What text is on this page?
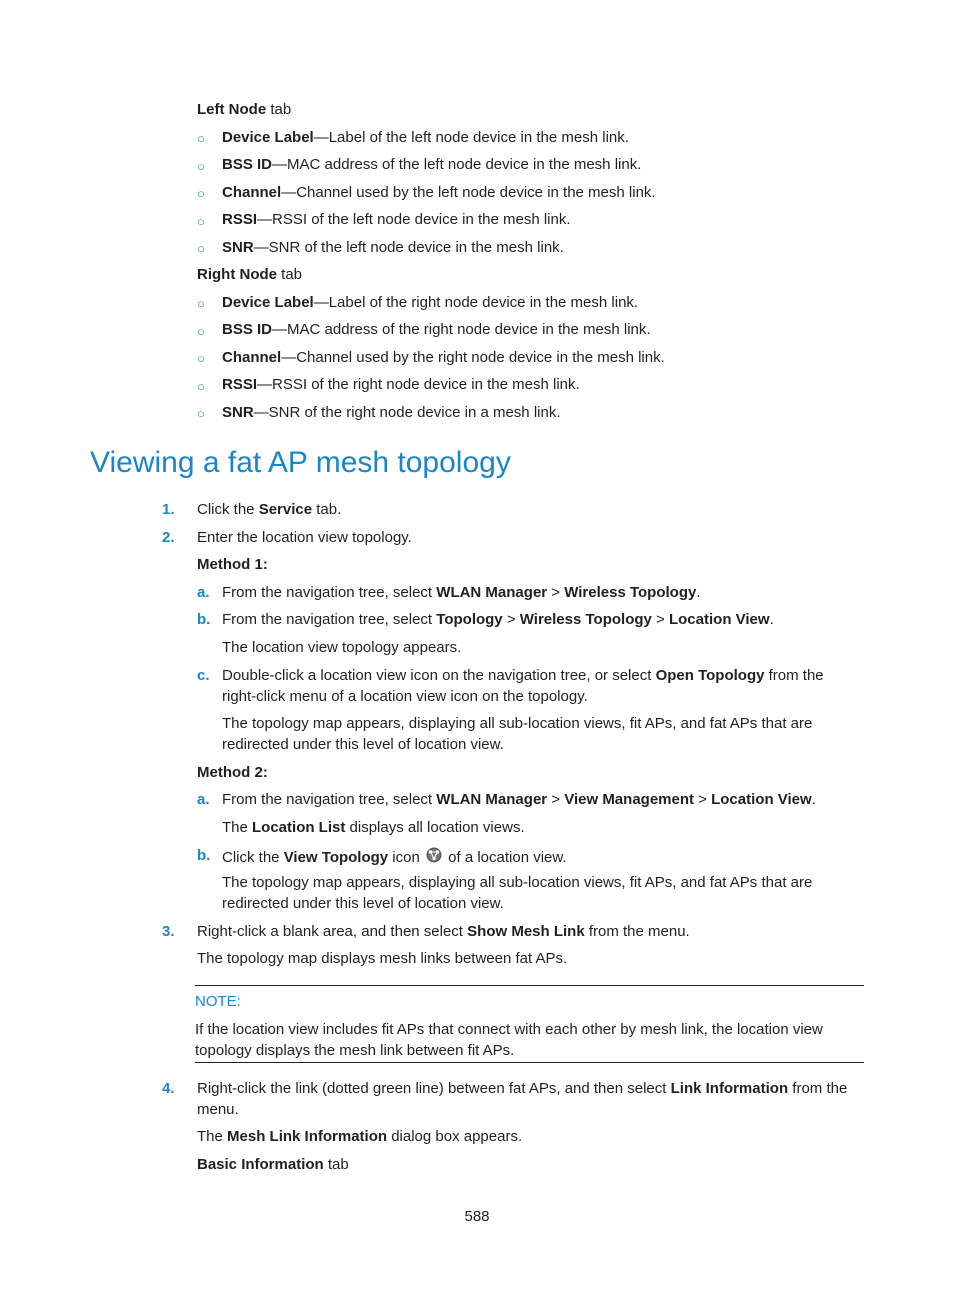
Left Node tab
○ Device Label—Label of the left node device in the mesh link.
○ BSS ID—MAC address of the left node device in the mesh link.
○ Channel—Channel used by the left node device in the mesh link.
○ RSSI—RSSI of the left node device in the mesh link.
○ SNR—SNR of the left node device in the mesh link.
Right Node tab
○ Device Label—Label of the right node device in the mesh link.
○ BSS ID—MAC address of the right node device in the mesh link.
○ Channel—Channel used by the right node device in the mesh link.
○ RSSI—RSSI of the right node device in the mesh link.
○ SNR—SNR of the right node device in a mesh link.
Viewing a fat AP mesh topology
1. Click the Service tab.
2. Enter the location view topology.
Method 1:
a. From the navigation tree, select WLAN Manager > Wireless Topology.
b. From the navigation tree, select Topology > Wireless Topology > Location View.
The location view topology appears.
c. Double-click a location view icon on the navigation tree, or select Open Topology from the
right-click menu of a location view icon on the topology.
The topology map appears, displaying all sub-location views, fit APs, and fat APs that are
redirected under this level of location view.
Method 2:
a. From the navigation tree, select WLAN Manager > View Management > Location View.
The Location List displays all location views.
b. Click the View Topology icon  of a location view.
The topology map appears, displaying all sub-location views, fit APs, and fat APs that are
redirected under this level of location view.
3. Right-click a blank area, and then select Show Mesh Link from the menu.
The topology map displays mesh links between fat APs.
NOTE:
If the location view includes fit APs that connect with each other by mesh link, the location view
topology displays the mesh link between fit APs.
4. Right-click the link (dotted green line) between fat APs, and then select Link Information from the
menu.
The Mesh Link Information dialog box appears.
Basic Information tab
588
